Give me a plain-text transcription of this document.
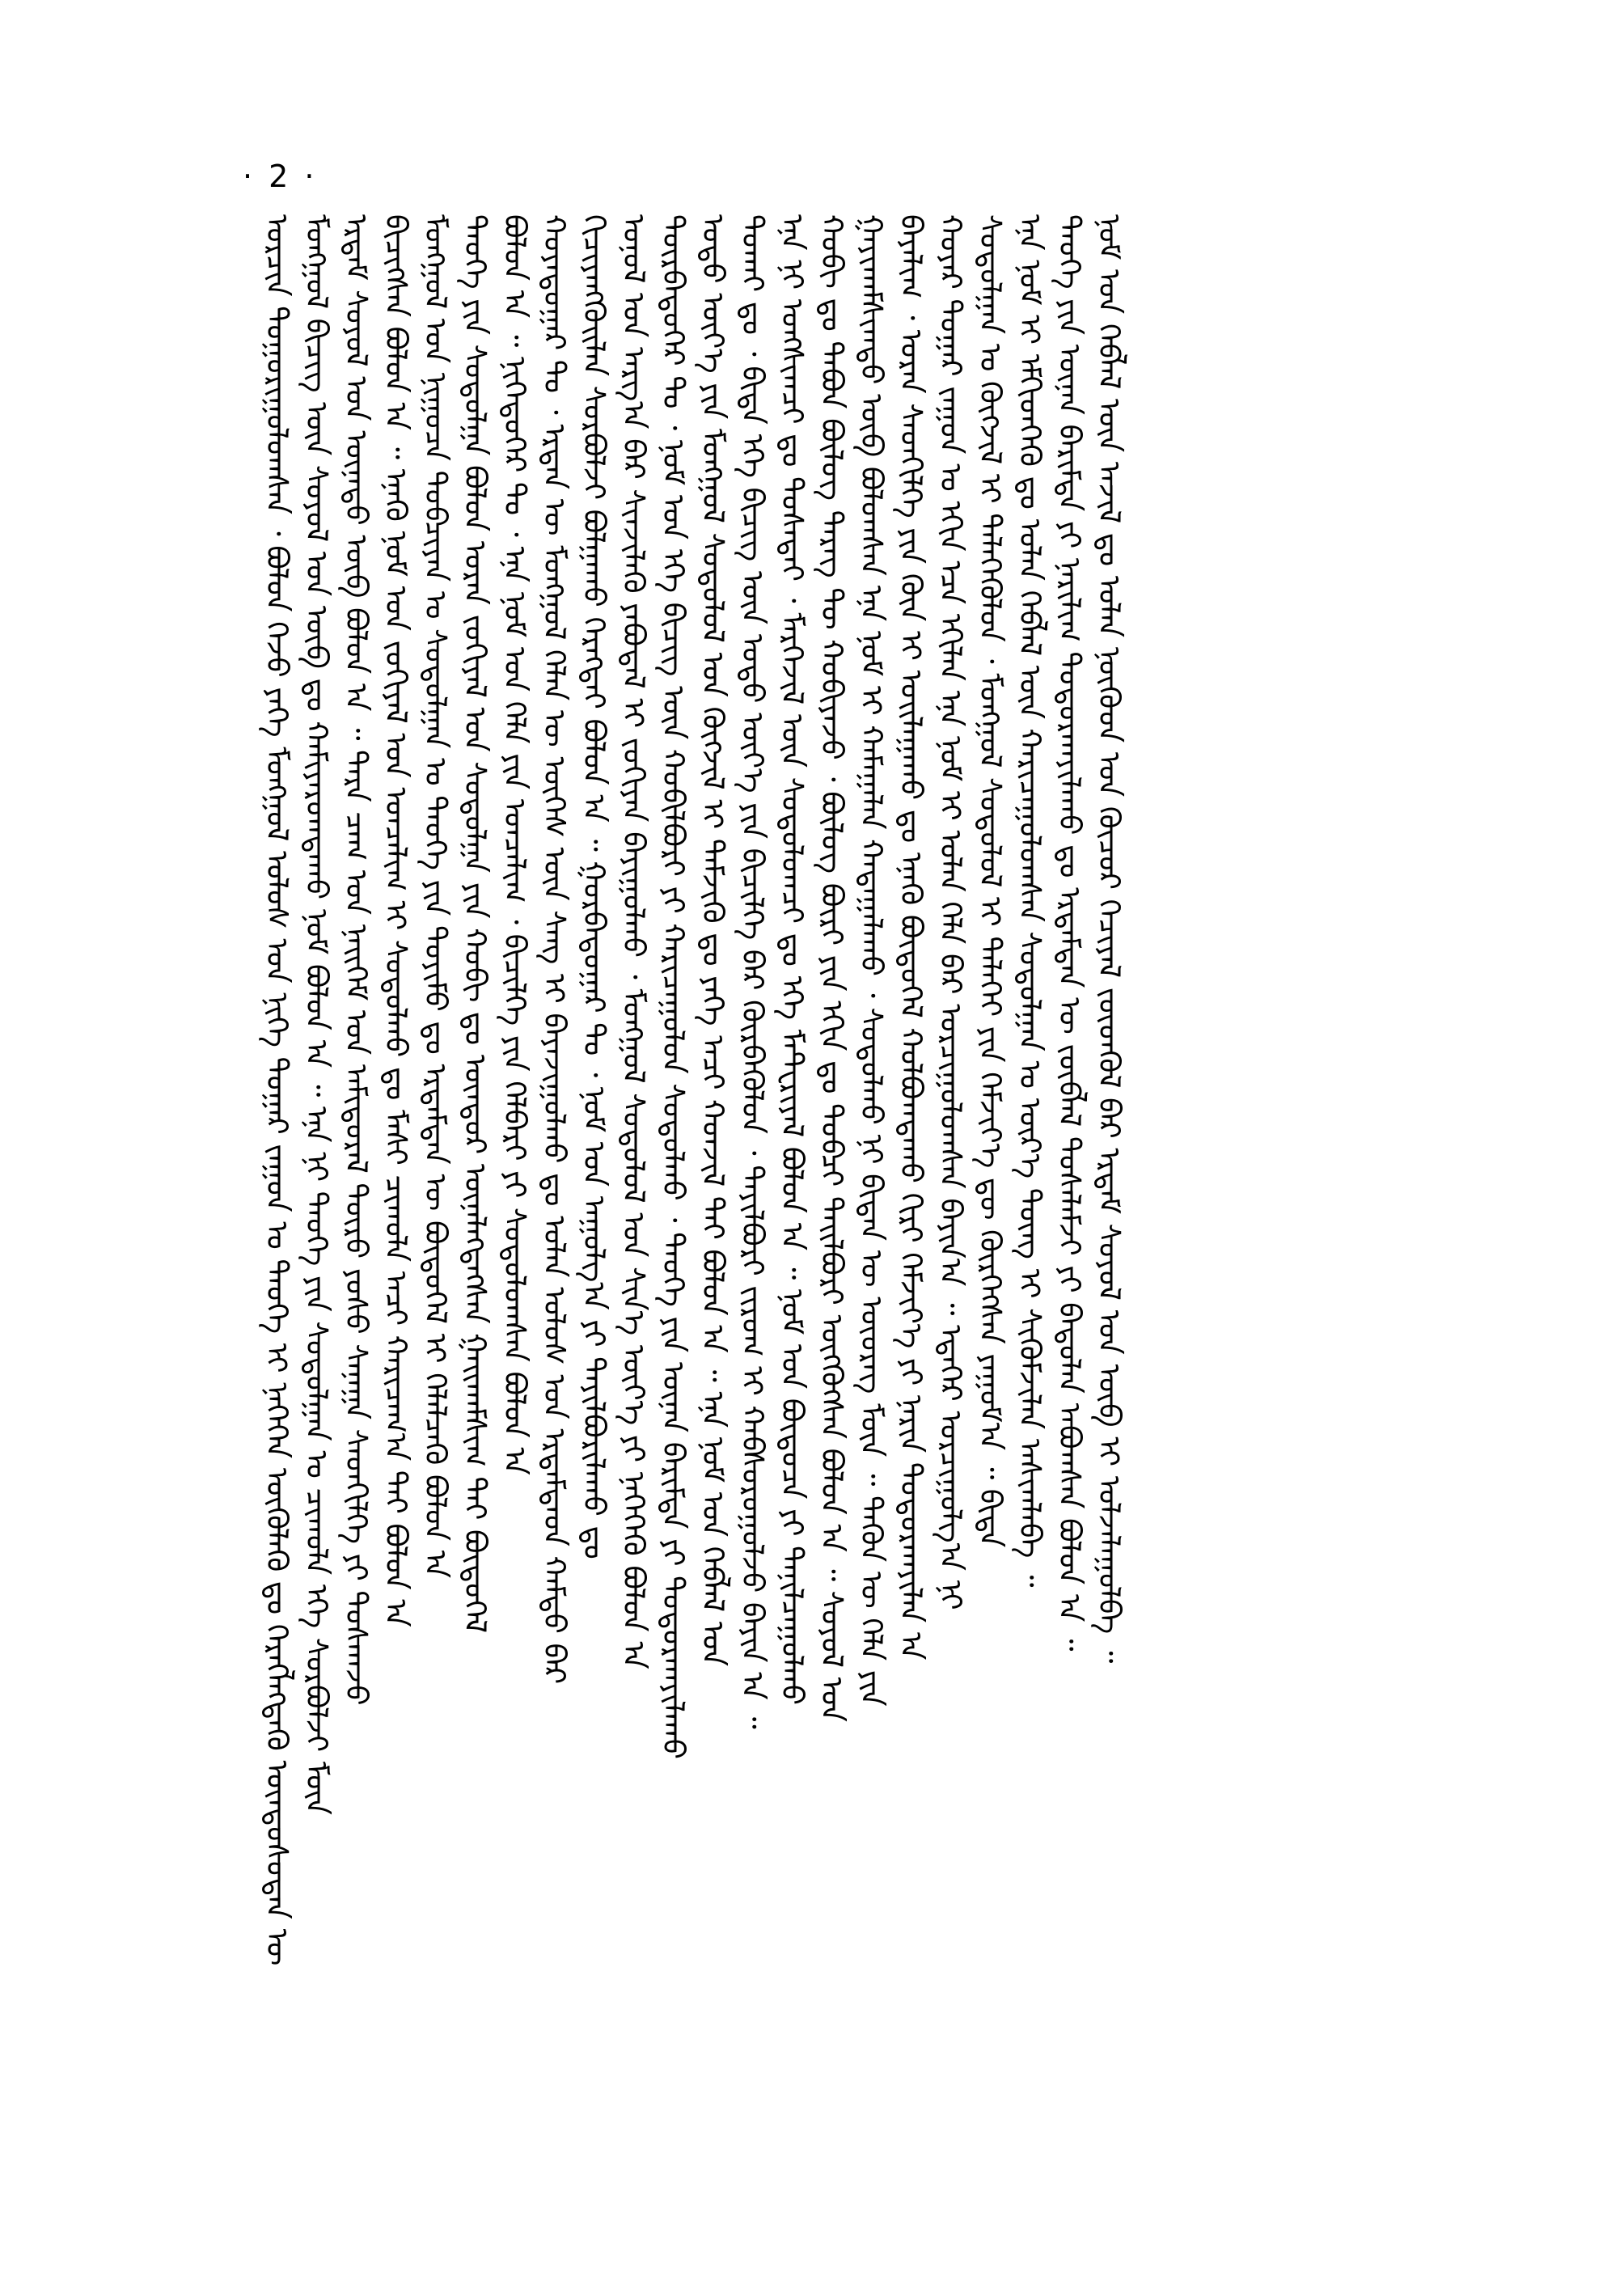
· 2 ·
ᠣᠷᠴᠢᠨ ᠲᠣᠭᠣᠷᠢᠭᠤᠯᠤᠭᠰᠠᠨ ᠂ ᠪᠣᠯᠤᠨ ᠭᠡᠵᠦ ᠶᠡᠬᠡ ᠮᠣᠩᠭᠣᠯ ᠤᠯᠤᠰ ᠤᠨ ᠨᠢᠭᠡ ᠳᠤᠭᠠᠷ ᠵᠠᠭᠤᠨ ᠤ ᠲᠡᠦᠬᠡ ᠢ ᠨᠡᠭᠡᠭᠡᠨ ᠥᠭᠦᠯᠡᠬᠦ ᠳᠤ ᠬᠡᠷᠡᠭᠯᠡᠭᠳᠡᠬᠦ ᠦᠨᠳᠦᠰᠦᠲᠡᠨ ᠦ ᠮᠣᠩᠭᠣᠯ ᠪᠢᠴᠢᠭ ᠦᠨ ᠰᠣᠶᠣᠯ ᠤᠨ ᠥᠪ ᠳᠤ ᠬᠠᠮᠢᠶᠠᠷᠤᠭᠳᠠᠬᠤ ᠨᠣᠮ ᠪᠣᠯᠤᠨ ᠠ ᠃ ᠡᠨᠡ ᠨᠢ ᠲᠡᠦᠬᠡ ᠶᠢᠨ ᠰᠤᠳᠤᠯᠭᠠᠨ ᠤ ᠴᠢᠬᠤᠯᠠ ᠡᠬᠡ ᠰᠤᠷᠪᠤᠯᠵᠢ ᠮᠥᠨ ᠡᠷᠳᠡᠮ ᠰᠣᠶᠣᠯ ᠤᠨ ᠦᠨᠡᠲᠦ ᠥᠪ ᠪᠣᠯᠤᠨ ᠠ ᠃ ᠲᠡᠷᠡ ᠴᠠᠭ ᠤᠨ ᠨᠡᠢᠭᠡᠮ ᠤᠨ ᠠᠮᠢᠳᠤᠷᠠᠯ ᠲᠥᠷᠦ ᠶᠣᠰᠣ ᠰᠠᠨᠠᠭᠠ ᠰᠡᠳᠬᠢᠯᠭᠡ ᠶᠢ ᠲᠤᠰᠬᠠᠵᠤ ᠪᠢᠴᠢᠭᠰᠡᠨ ᠪᠣᠯᠤᠨ ᠠ ᠃ ᠡᠨᠡᠬᠦ ᠨᠣᠮ ᠤᠨ ᠵᠣᠬᠢᠶᠠᠯ ᠤᠨ ᠣᠨᠴᠠᠯᠢᠭ ᠢ ᠰᠤᠳᠤᠯᠬᠤ ᠳᠤ ᠮᠠᠰᠢ ᠴᠢᠬᠤᠯᠠ ᠠᠴᠢ ᠬᠠᠷᠢᠴᠠᠭ᠎ᠠ ᠲᠠᠶ ᠪᠣᠯᠤᠨ ᠠ ᠮᠣᠩᠭᠣᠯ ᠤᠨ ᠨᠢᠭᠤᠴᠠ ᠲᠣᠪᠴᠢᠶᠠᠨ ᠤ ᠰᠤᠳᠤᠯᠭᠠᠨ ᠤ ᠲᠡᠦᠬᠡ ᠶᠢᠨ ᠲᠣᠶᠢᠮᠤ ᠳᠤ ᠡᠷᠳᠡᠮᠲᠡᠨ ᠦ ᠪᠦᠲᠦᠭᠡᠯ ᠢ ᠬᠡᠯᠡᠯᠴᠡᠬᠦ ᠪᠣᠯᠤᠨ ᠠ ᠲᠡᠦᠬᠡ ᠶᠢᠨ ᠰᠤᠳᠤᠯᠭᠠ ᠪᠣᠯᠤᠨ ᠤᠷᠠᠨ ᠵᠣᠬᠢᠶᠠᠯ ᠤᠨ ᠰᠤᠳᠤᠯᠭᠠ ᠶᠢᠨ ᠬᠤᠪᠢ ᠳᠤ ᠥᠨᠳᠥᠷ ᠦᠨᠡᠯᠡᠭᠳᠡᠭᠰᠡᠨ ᠭᠠᠢᠬᠠᠮᠰᠢᠭ ᠲᠠᠢ ᠪᠦᠲᠦᠭᠡᠯ ᠪᠣᠯᠤᠨ ᠠ ᠃ ᠨᠢᠭᠡᠳᠦᠭᠡᠷ ᠲᠤ ᠂ ᠡᠨᠡ ᠨᠣᠮ ᠤᠨ ᠬᠡᠯᠡ ᠶᠢᠨ ᠣᠨᠴᠠᠯᠢᠭ ᠂ ᠪᠢᠴᠢᠯᠭᠡ ᠶᠢᠨ ᠬᠡᠯᠪᠡᠷᠢ ᠶᠢ ᠰᠤᠳᠤᠯᠤᠭᠰᠠᠨ ᠪᠣᠯᠤᠨ ᠠ ᠬᠣᠶᠠᠳᠤᠭᠠᠷ ᠲᠤ ᠂ ᠡᠷᠲᠡᠨ ᠦ ᠮᠣᠩᠭᠣᠯ ᠬᠡᠯᠡᠨ ᠦ ᠦᠭᠡᠰ ᠦᠨ ᠰᠠᠩ ᠢ ᠪᠠᠶᠠᠵᠢᠭᠤᠯᠬᠤ ᠳᠤ ᠣᠯᠠᠨ ᠤᠯᠤᠰ ᠤᠨ ᠡᠷᠳᠡᠮᠲᠡᠳ ᠬᠠᠮᠲᠤ ᠪᠠᠷ ᠬᠢᠴᠢᠶᠡᠩᠭᠦᠢᠯᠡᠨ ᠰᠤᠷᠪᠤᠯᠵᠢ ᠪᠣᠯᠭᠠᠬᠤ ᠬᠡᠷᠡᠭᠲᠡᠢ ᠪᠣᠯᠤᠨ ᠠ ᠃ ᠭᠤᠷᠪᠠᠳᠤᠭᠠᠷ ᠲᠤ ᠂ ᠨᠣᠮ ᠤᠨ ᠠᠭᠤᠯᠭ᠎ᠠ ᠶᠢ ᠲᠠᠶᠢᠯᠪᠤᠷᠢᠯᠠᠬᠤ ᠳᠤ ᠣᠨᠣᠯ ᠤᠨ ᠠᠷᠭ᠎ᠠ ᠪᠠᠷ ᠰᠢᠨᠵᠢᠯᠡᠬᠦ ᠶᠠᠪᠤᠳᠠᠯ ᠢ ᠵᠣᠬᠢᠶᠠᠨ ᠪᠠᠶᠢᠭᠤᠯᠬᠤ ᠂ ᠮᠣᠩᠭᠣᠯ ᠰᠤᠳᠤᠯᠤᠯ ᠤᠨ ᠰᠢᠨ᠎ᠡ ᠦᠶ᠎ᠡ ᠶᠢ ᠨᠡᠭᠡᠭᠡᠬᠦ ᠪᠣᠯᠤᠨ ᠠ ᠳᠥᠷᠪᠡᠳᠦᠭᠡᠷ ᠲᠤ ᠂ ᠨᠣᠮ ᠤᠨ ᠡᠬᠡ ᠪᠢᠴᠢᠭ ᠦᠨ ᠬᠤᠪᠢᠯᠪᠤᠷᠢ ᠶᠢ ᠬᠠᠷᠢᠴᠠᠭᠤᠯᠤᠨ ᠰᠤᠳᠤᠯᠬᠤ ᠂ ᠲᠡᠦᠬᠡ ᠶᠢᠨ ᠦᠨᠡᠨ ᠪᠠᠷᠢᠮᠲᠠ ᠶᠢ ᠲᠣᠳᠤᠷᠬᠠᠶᠢᠯᠠᠬᠤ ᠣᠳᠣ ᠦᠶ᠎ᠡ ᠶᠢᠨ ᠮᠣᠩᠭᠣᠯ ᠰᠤᠳᠤᠯᠤᠯ ᠤᠨ ᠬᠥᠭᠵᠢᠯ ᠢ ᠳᠡᠮᠵᠢᠬᠦ ᠳᠤ ᠶᠡᠬᠡ ᠠᠴᠢ ᠬᠣᠨᠵᠢᠯ ᠲᠠᠢ ᠪᠣᠯᠤᠨ ᠠ ᠃ ᠡᠨᠡ ᠨᠣᠮ ᠤᠨ ᠬᠡᠪᠯᠡᠯ ᠤᠨ ᠲᠤᠬᠠᠢ ᠳᠤ ᠂ ᠪᠢᠳᠡ ᠡᠬᠡ ᠪᠢᠴᠢᠭ ᠦᠨ ᠣᠳᠣ ᠦᠶ᠎ᠡ ᠶᠢᠨ ᠪᠢᠴᠢᠯᠭᠡ ᠪᠠᠷ ᠬᠥᠷᠪᠡᠭᠦᠯᠦᠨ ᠂ ᠲᠠᠶᠢᠯᠪᠤᠷᠢ ᠵᠢᠷᠤᠭ ᠢ ᠬᠠᠪᠰᠤᠷᠤᠭᠤᠯᠵᠤ ᠪᠠᠶᠢᠨ ᠠ ᠃ ᠡᠨᠡ ᠨᠢ ᠤᠩᠰᠢᠭᠴᠢ ᠳᠤ ᠲᠤᠰᠠᠲᠠᠢ ᠂ ᠮᠡᠷᠭᠡᠵᠢᠯ ᠦᠨ ᠰᠤᠳᠤᠯᠤᠭᠴᠢ ᠳᠤ ᠡᠬᠡ ᠮᠠᠲ᠋ᠧᠷᠢᠶᠠᠯ ᠪᠣᠯᠤᠨ ᠠ ᠃ ᠨᠣᠮ ᠤᠨ ᠪᠦᠲᠦᠴᠡ ᠶᠢ ᠲᠠᠨᠢᠯᠴᠠᠭᠤᠯᠬᠤ ᠬᠤᠪᠢ ᠳᠤ ᠲᠠᠪᠤᠨ ᠪᠦᠯᠦᠭ ᠲᠡᠷᠡᠭ ᠲᠦ ᠬᠤᠪᠢᠶᠠᠵᠤ ᠂ ᠪᠦᠯᠦᠭ ᠪᠦᠷᠢ ᠶᠢᠨ ᠡᠬᠢᠨ ᠳᠤ ᠲᠣᠪᠴᠢ ᠲᠠᠢᠯᠪᠤᠷᠢ ᠥᠭᠭᠦᠭᠰᠡᠨ ᠪᠣᠯᠤᠨ ᠠ ᠃ ᠰᠣᠶᠣᠯ ᠤᠨ ᠭᠠᠶᠢᠬᠠᠮᠰᠢᠭᠲᠤ ᠥᠪ ᠪᠣᠯᠤᠭᠰᠠᠨ ᠡᠨᠡ ᠨᠣᠮ ᠢ ᠬᠠᠮᠠᠭᠠᠯᠠᠨ ᠬᠠᠳᠠᠭᠠᠯᠠᠬᠤ ᠂ ᠰᠤᠳᠤᠯᠬᠤ ᠨᠢ ᠪᠢᠳᠡᠨ ᠦ ᠦᠦᠷᠡᠭ ᠮᠥᠨ ᠃ ᠲᠡᠭᠦᠨ ᠦ ᠬᠡᠯᠡ ᠶᠢᠨ ᠪᠠᠶᠠᠯᠢᠭ ᠂ ᠤᠷᠠᠨ ᠰᠡᠳᠬᠢᠯᠭᠡ ᠶᠢᠨ ᠭᠦᠨ ᠢ ᠣᠢᠯᠠᠭᠠᠬᠤ ᠳᠤ ᠡᠨᠡᠬᠦ ᠪᠦᠲᠦᠭᠡᠯ ᠬᠣᠯᠪᠣᠭᠳᠠᠬᠤ ᠬᠢᠷᠢ ᠬᠡᠮᠵᠢᠶ᠎ᠡ ᠶᠢ ᠨᠠᠷᠢᠨ ᠲᠤᠳᠤᠷᠬᠠᠶᠢᠯᠠᠨ ᠠ ᠬᠣᠶᠠᠷ ᠳᠤᠭᠠᠷ ᠵᠠᠭᠤᠨ ᠤ ᠡᠬᠢᠨ ᠡᠴᠡ ᠡᠬᠢᠯᠡᠨ ᠡᠨᠡ ᠨᠣᠮ ᠢ ᠣᠯᠠᠨ ᠬᠡᠯᠡ ᠪᠡᠷ ᠣᠷᠴᠢᠭᠤᠯᠤᠭᠰᠠᠨ ᠪᠠᠶᠢᠨ᠎ᠠ ᠃ ᠡᠳᠡᠭᠡᠷ ᠣᠷᠴᠢᠭᠤᠯᠭ᠎ᠠ ᠨᠢ ᠰᠤᠳᠤᠯᠭᠠᠨ ᠤ ᠬᠥᠭᠵᠢᠯ ᠢ ᠲᠡᠯᠡᠭᠡᠭᠦᠯᠦᠨ ᠂ ᠮᠣᠩᠭᠣᠯ ᠰᠤᠳᠤᠯᠤᠯ ᠢ ᠳᠡᠯᠡᠬᠡᠢ ᠶᠢᠨ ᠬᠡᠮᠵᠢᠶ᠎ᠡ ᠳᠦ ᠬᠦᠷᠭᠡᠭᠰᠡᠨ ᠶᠠᠭᠤᠮ᠎ᠠ ᠃ ᠪᠢᠳᠡ ᠡᠨᠡ ᠨᠣᠮ ᠢ ᠡᠮᠬᠢᠳᠬᠡᠬᠦ ᠳᠤ ᠣᠯᠠᠨ ᠬᠡᠪᠯᠡᠯ ᠦᠨ ᠬᠠᠷᠢᠴᠠᠭᠤᠯᠤᠭᠰᠠᠨ ᠰᠤᠳᠤᠯᠭᠠᠨ ᠤ ᠦᠷ᠎ᠡ ᠳᠦᠩ ᠢ ᠰᠢᠭᠦᠮᠵᠢᠯᠡᠨ ᠠᠰᠢᠭᠯᠠᠪᠠ ᠃ ᠲᠡᠦᠬᠡ ᠶᠢᠨ ᠦᠨᠡᠨ ᠪᠠᠷᠢᠮᠲᠠ ᠶᠢ ᠨᠠᠷᠢᠯᠢᠭ ᠲᠣᠳᠤᠷᠬᠠᠶᠢᠯᠠᠬᠤ ᠳᠤ ᠡᠷᠳᠡᠮᠲᠡᠨ ᠦ ᠵᠥᠪᠯᠡᠯ ᠲᠤᠰᠠᠯᠠᠮᠵᠢ ᠶᠢ ᠪᠠᠲᠤᠯᠠᠨ ᠠᠪᠤᠭᠰᠠᠨ ᠪᠣᠯᠤᠨ ᠠ ᠃ ᠨᠣᠮ ᠤᠨ ᠬᠡᠪᠯᠡᠯ ᠦᠨ ᠠᠵᠢᠯ ᠳᠤ ᠣᠯᠠᠨ ᠨᠥᠬᠥᠳ ᠤᠨ ᠬᠦᠴᠦᠷ ᠬᠡᠴᠢᠶᠡᠯ ᠵᠦᠳᠬᠦᠯ ᠪᠠᠷ ᠡᠷᠳᠡᠮ ᠰᠣᠶᠣᠯ ᠤᠨ ᠥᠪ ᠢ ᠣᠯᠵᠠᠯᠠᠭᠤᠯᠪᠠ ᠃
